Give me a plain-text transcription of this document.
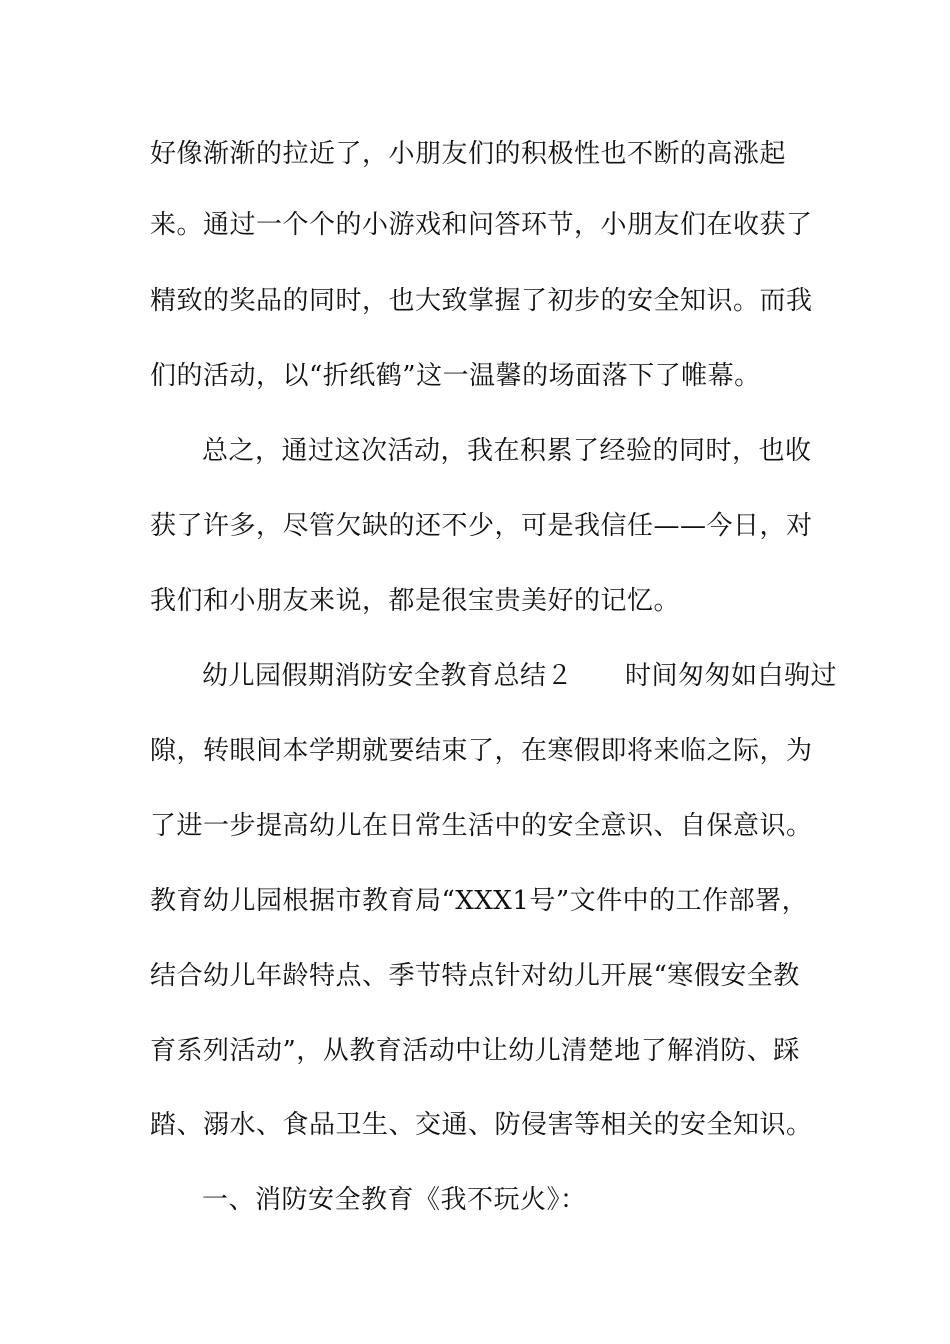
好像渐渐的拉近了，小朋友们的积极性也不断的高涨起
来。通过一个个的小游戏和问答环节，小朋友们在收获了
精致的奖品的同时，也大致掌握了初步的安全知识。而我
们的活动，以“折纸鹤”这一温馨的场面落下了帷幕。
总之，通过这次活动，我在积累了经验的同时，也收
获了许多，尽管欠缺的还不少，可是我信任——今日，对
我们和小朋友来说，都是很宝贵美好的记忆。
幼儿园假期消防安全教育总结２ 时间匆匆如白驹过
隙，转眼间本学期就要结束了，在寒假即将来临之际，为
了进一步提高幼儿在日常生活中的安全意识、自保意识。
教育幼儿园根据市教育局“XXX1号”文件中的工作部署，
结合幼儿年龄特点、季节特点针对幼儿开展“寒假安全教
育系列活动”，从教育活动中让幼儿清楚地了解消防、踩
踏、溺水、食品卫生、交通、防侵害等相关的安全知识。
一、消防安全教育《我不玩火》：
